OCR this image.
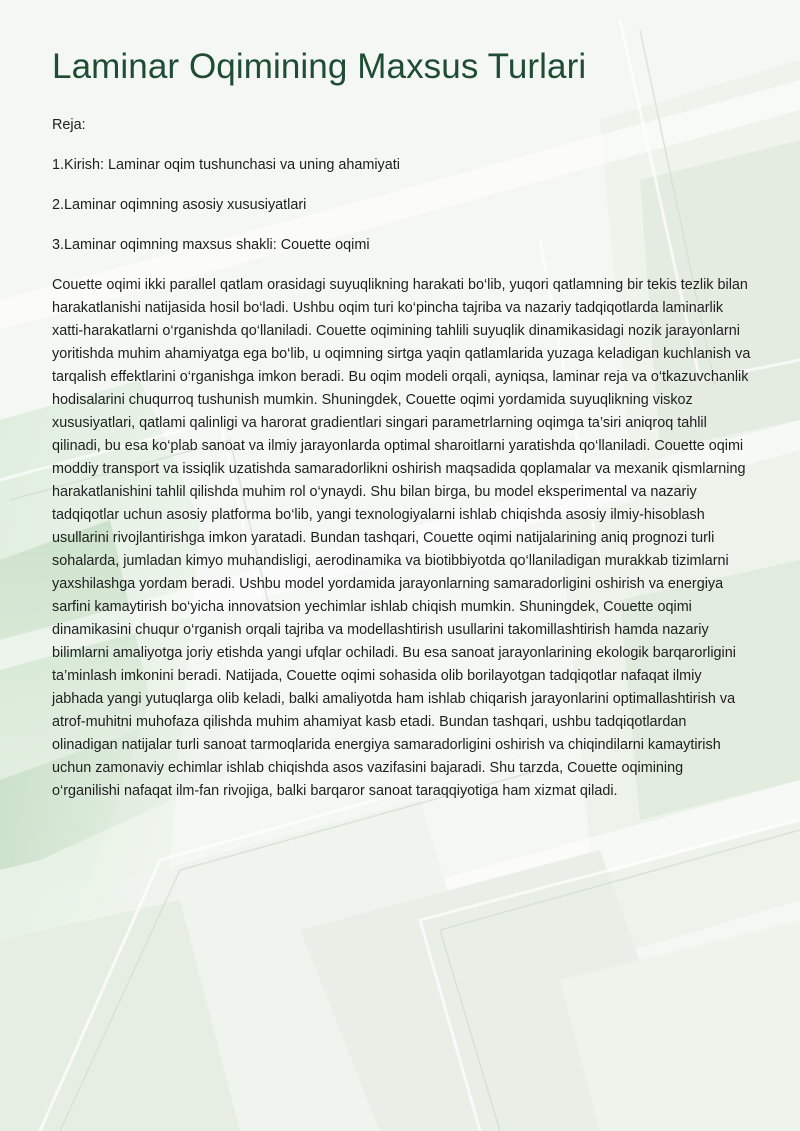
Laminar Oqimining Maxsus Turlari

Reja:

1.Kirish: Laminar oqim tushunchasi va uning ahamiyati

2.Laminar oqimning asosiy xususiyatlari

3.Laminar oqimning maxsus shakli: Couette oqimi

Couette oqimi ikki parallel qatlam orasidagi suyuqlikning harakati bo‘lib, yuqori qatlamning bir tekis tezlik bilan harakatlanishi natijasida hosil bo‘ladi. Ushbu oqim turi ko‘pincha tajriba va nazariy tadqiqotlarda laminarlik xatti-harakatlarni o‘rganishda qo‘llaniladi. Couette oqimining tahlili suyuqlik dinamikasidagi nozik jarayonlarni yoritishda muhim ahamiyatga ega bo‘lib, u oqimning sirtga yaqin qatlamlarida yuzaga keladigan kuchlanish va tarqalish effektlarini o‘rganishga imkon beradi. Bu oqim modeli orqali, ayniqsa, laminar reja va o‘tkazuvchanlik hodisalarini chuqurroq tushunish mumkin. Shuningdek, Couette oqimi yordamida suyuqlikning viskoz xususiyatlari, qatlami qalinligi va harorat gradientlari singari parametrlarning oqimga ta’siri aniqroq tahlil qilinadi, bu esa ko‘plab sanoat va ilmiy jarayonlarda optimal sharoitlarni yaratishda qo‘llaniladi. Couette oqimi moddiy transport va issiqlik uzatishda samaradorlikni oshirish maqsadida qoplamalar va mexanik qismlarning harakatlanishini tahlil qilishda muhim rol o‘ynaydi. Shu bilan birga, bu model eksperimental va nazariy tadqiqotlar uchun asosiy platforma bo‘lib, yangi texnologiyalarni ishlab chiqishda asosiy ilmiy-hisoblash usullarini rivojlantirishga imkon yaratadi. Bundan tashqari, Couette oqimi natijalarining aniq prognozi turli sohalarda, jumladan kimyo muhandisligi, aerodinamika va biotibbiyotda qo‘llaniladigan murakkab tizimlarni yaxshilashga yordam beradi. Ushbu model yordamida jarayonlarning samaradorligini oshirish va energiya sarfini kamaytirish bo‘yicha innovatsion yechimlar ishlab chiqish mumkin. Shuningdek, Couette oqimi dinamikasini chuqur o‘rganish orqali tajriba va modellashtirish usullarini takomillashtirish hamda nazariy bilimlarni amaliyotga joriy etishda yangi ufqlar ochiladi. Bu esa sanoat jarayonlarining ekologik barqarorligini ta’minlash imkonini beradi. Natijada, Couette oqimi sohasida olib borilayotgan tadqiqotlar nafaqat ilmiy jabhada yangi yutuqlarga olib keladi, balki amaliyotda ham ishlab chiqarish jarayonlarini optimallashtirish va atrof-muhitni muhofaza qilishda muhim ahamiyat kasb etadi. Bundan tashqari, ushbu tadqiqotlardan olinadigan natijalar turli sanoat tarmoqlarida energiya samaradorligini oshirish va chiqindilarni kamaytirish uchun zamonaviy echimlar ishlab chiqishda asos vazifasini bajaradi. Shu tarzda, Couette oqimining o‘rganilishi nafaqat ilm-fan rivojiga, balki barqaror sanoat taraqqiyotiga ham xizmat qiladi.
